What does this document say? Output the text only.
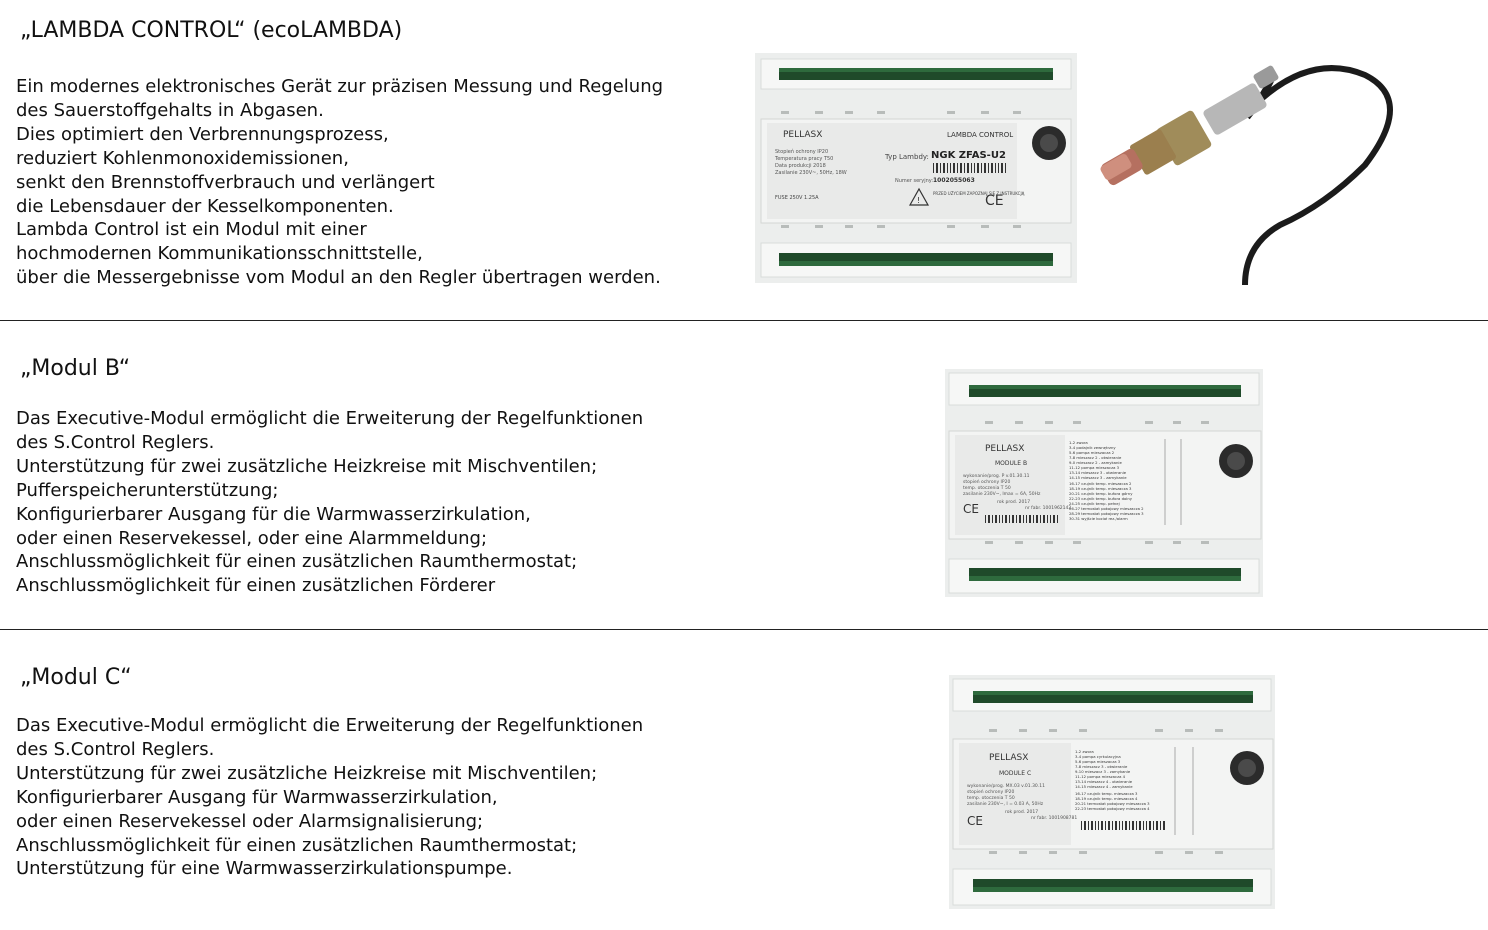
„LAMBDA CONTROL“ (ecoLAMBDA)
Ein modernes elektronisches Gerät zur präzisen Messung und Regelung
des Sauerstoffgehalts in Abgasen.
Dies optimiert den Verbrennungsprozess,
reduziert Kohlenmonoxidemissionen,
senkt den Brennstoffverbrauch und verlängert
die Lebensdauer der Kesselkomponenten.
Lambda Control ist ein Modul mit einer
hochmodernen Kommunikationsschnittstelle,
über die Messergebnisse vom Modul an den Regler übertragen werden.
PELLASX	LAMBDA CONTROL
Typ Lambdy: NGK ZFAS-U2
Stopień ochrony IP20
Temperatura pracy T50
Data produkcji 2018
Zasilanie 230V~, 50Hz, 18W
Numer seryjny: 1002055063
FUSE 250V 1.25A	!
PRZED UŻYCIEM ZAPOZNAJ SIĘ Z INSTRUKCJĄ
CE
„Modul B“
Das Executive-Modul ermöglicht die Erweiterung der Regelfunktionen
des S.Control Reglers.
Unterstützung für zwei zusätzliche Heizkreise mit Mischventilen;
Pufferspeicherunterstützung;
Konfigurierbarer Ausgang für die Warmwasserzirkulation,
oder einen Reservekessel, oder eine Alarmmeldung;
Anschlussmöglichkeit für einen zusätzlichen Raumthermostat;
Anschlussmöglichkeit für einen zusätzlichen Förderer
PELLASX
MODULE B
wykonanie/prog. P v.01.30.11
stopień ochrony IP20
temp. otoczenia T 50
zasilanie 230V~, Imax = 6A, 50Hz
rok prod. 2017
nr fabr. 1001962142
CE
1-2 zwora
3-4 podajnik zewnętrzny
5-6 pompa mieszacza 2
7-8 mieszacz 2 - otwieranie
9-0 mieszacz 2 - zamykanie
11-12 pompa mieszacza 3
13-14 mieszacz 3 - otwieranie
14-15 mieszacz 3 - zamykanie
16-17 czujnik temp. mieszacza 2
18-19 czujnik temp. mieszacza 3
20-21 czujnik temp. bufora górny
22-23 czujnik temp. bufora dolny
24-25 czujnik temp. pełnej
26-27 termostat pokojowy mieszacza 2
28-29 termostat pokojowy mieszacza 3
30-31 wyjście kocioł rez./alarm
„Modul C“
Das Executive-Modul ermöglicht die Erweiterung der Regelfunktionen
des S.Control Reglers.
Unterstützung für zwei zusätzliche Heizkreise mit Mischventilen;
Konfigurierbarer Ausgang für Warmwasserzirkulation,
oder einen Reservekessel oder Alarmsignalisierung;
Anschlussmöglichkeit für einen zusätzlichen Raumthermostat;
Unterstützung für eine Warmwasserzirkulationspumpe.
PELLASX
MODULE C
wykonanie/prog. MX.03 v.01.30.11
stopień ochrony IP20
temp. otoczenia T 50
zasilanie 230V~, I = 0.03 A, 50Hz
rok prod. 2017
nr fabr. 1001908781
CE
1-2 zwora
3-4 pompa cyrkulacyjna
5-6 pompa mieszacza 3
7-8 mieszacz 3 - otwieranie
9-10 mieszacz 3 - zamykanie
11-12 pompa mieszacza 4
13-14 mieszacz 4 - otwieranie
14-15 mieszacz 4 - zamykanie
16-17 czujnik temp. mieszacza 3
18-19 czujnik temp. mieszacza 4
20-21 termostat pokojowy mieszacza 3
22-23 termostat pokojowy mieszacza 4
